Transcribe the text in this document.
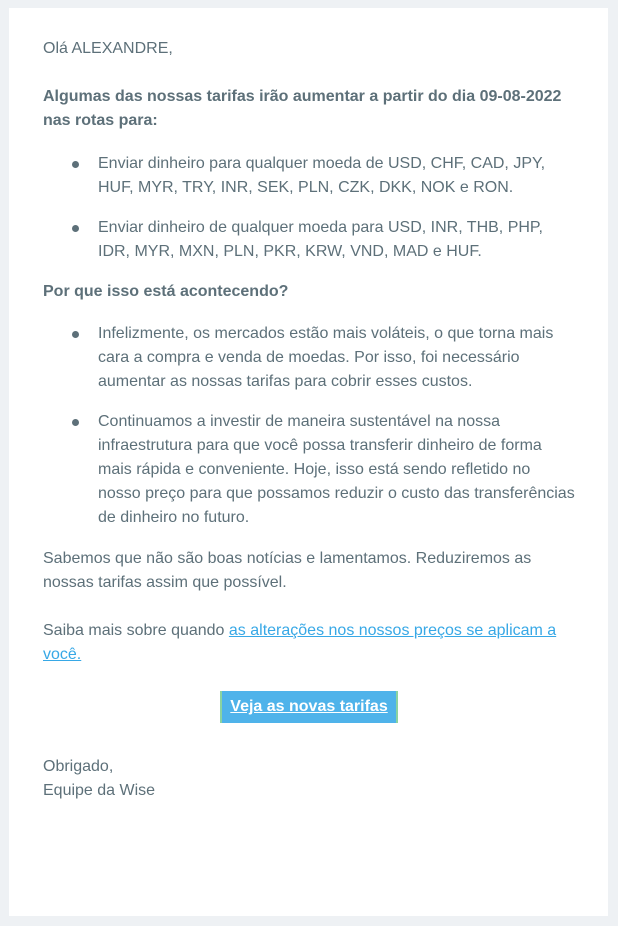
Olá ALEXANDRE,

Algumas das nossas tarifas irão aumentar a partir do dia 09-08-2022 nas rotas para:

Enviar dinheiro para qualquer moeda de USD, CHF, CAD, JPY, HUF, MYR, TRY, INR, SEK, PLN, CZK, DKK, NOK e RON.
Enviar dinheiro de qualquer moeda para USD, INR, THB, PHP, IDR, MYR, MXN, PLN, PKR, KRW, VND, MAD e HUF.

Por que isso está acontecendo?

Infelizmente, os mercados estão mais voláteis, o que torna mais cara a compra e venda de moedas. Por isso, foi necessário aumentar as nossas tarifas para cobrir esses custos.
Continuamos a investir de maneira sustentável na nossa infraestrutura para que você possa transferir dinheiro de forma mais rápida e conveniente. Hoje, isso está sendo refletido no nosso preço para que possamos reduzir o custo das transferências de dinheiro no futuro.

Sabemos que não são boas notícias e lamentamos. Reduziremos as nossas tarifas assim que possível.

Saiba mais sobre quando as alterações nos nossos preços se aplicam a você.

Veja as novas tarifas

Obrigado,

Equipe da Wise
